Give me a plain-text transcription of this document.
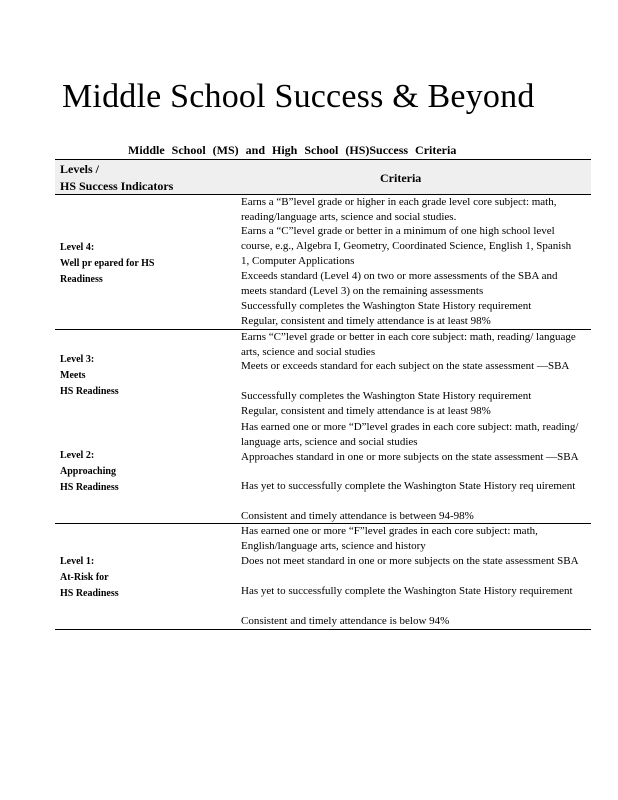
Middle School Success & Beyond
Middle School (MS) and High School (HS)Success Criteria
Levels /
HS Success Indicators
Criteria
Level 4:
Well pr epared for HS
Readiness
Earns a “B”level grade or higher in each grade level core subject: math, reading/language arts, science and social studies.
Earns a “C”level grade or better in a minimum of one high school level course, e.g., Algebra I, Geometry, Coordinated Science, English 1, Spanish 1, Computer Applications
Exceeds standard (Level 4) on two or more assessments of the SBA and meets standard (Level 3) on the remaining assessments
Successfully completes the Washington State History requirement
Regular, consistent and timely attendance is at least 98%
Level 3:
Meets
HS Readiness
Earns “C”level grade or better in each core subject: math, reading/ language arts, science and social studies
Meets or exceeds standard for each subject on the state assessment —SBA
Successfully completes the Washington State History requirement
Regular, consistent and timely attendance is at least 98%
Level 2:
Approaching
HS Readiness
Has earned one or more “D”level grades in each core subject: math, reading/ language arts, science and social studies
Approaches standard in one or more subjects on the state assessment —SBA
Has yet to successfully complete the Washington State History req uirement
Consistent and timely attendance is between 94-98%
Level 1:
At-Risk for
HS Readiness
Has earned one or more “F”level grades in each core subject: math, English/language arts, science and history
Does not meet standard in one or more subjects on the state assessment SBA
Has yet to successfully complete the Washington State History requirement
Consistent and timely attendance is below 94%
